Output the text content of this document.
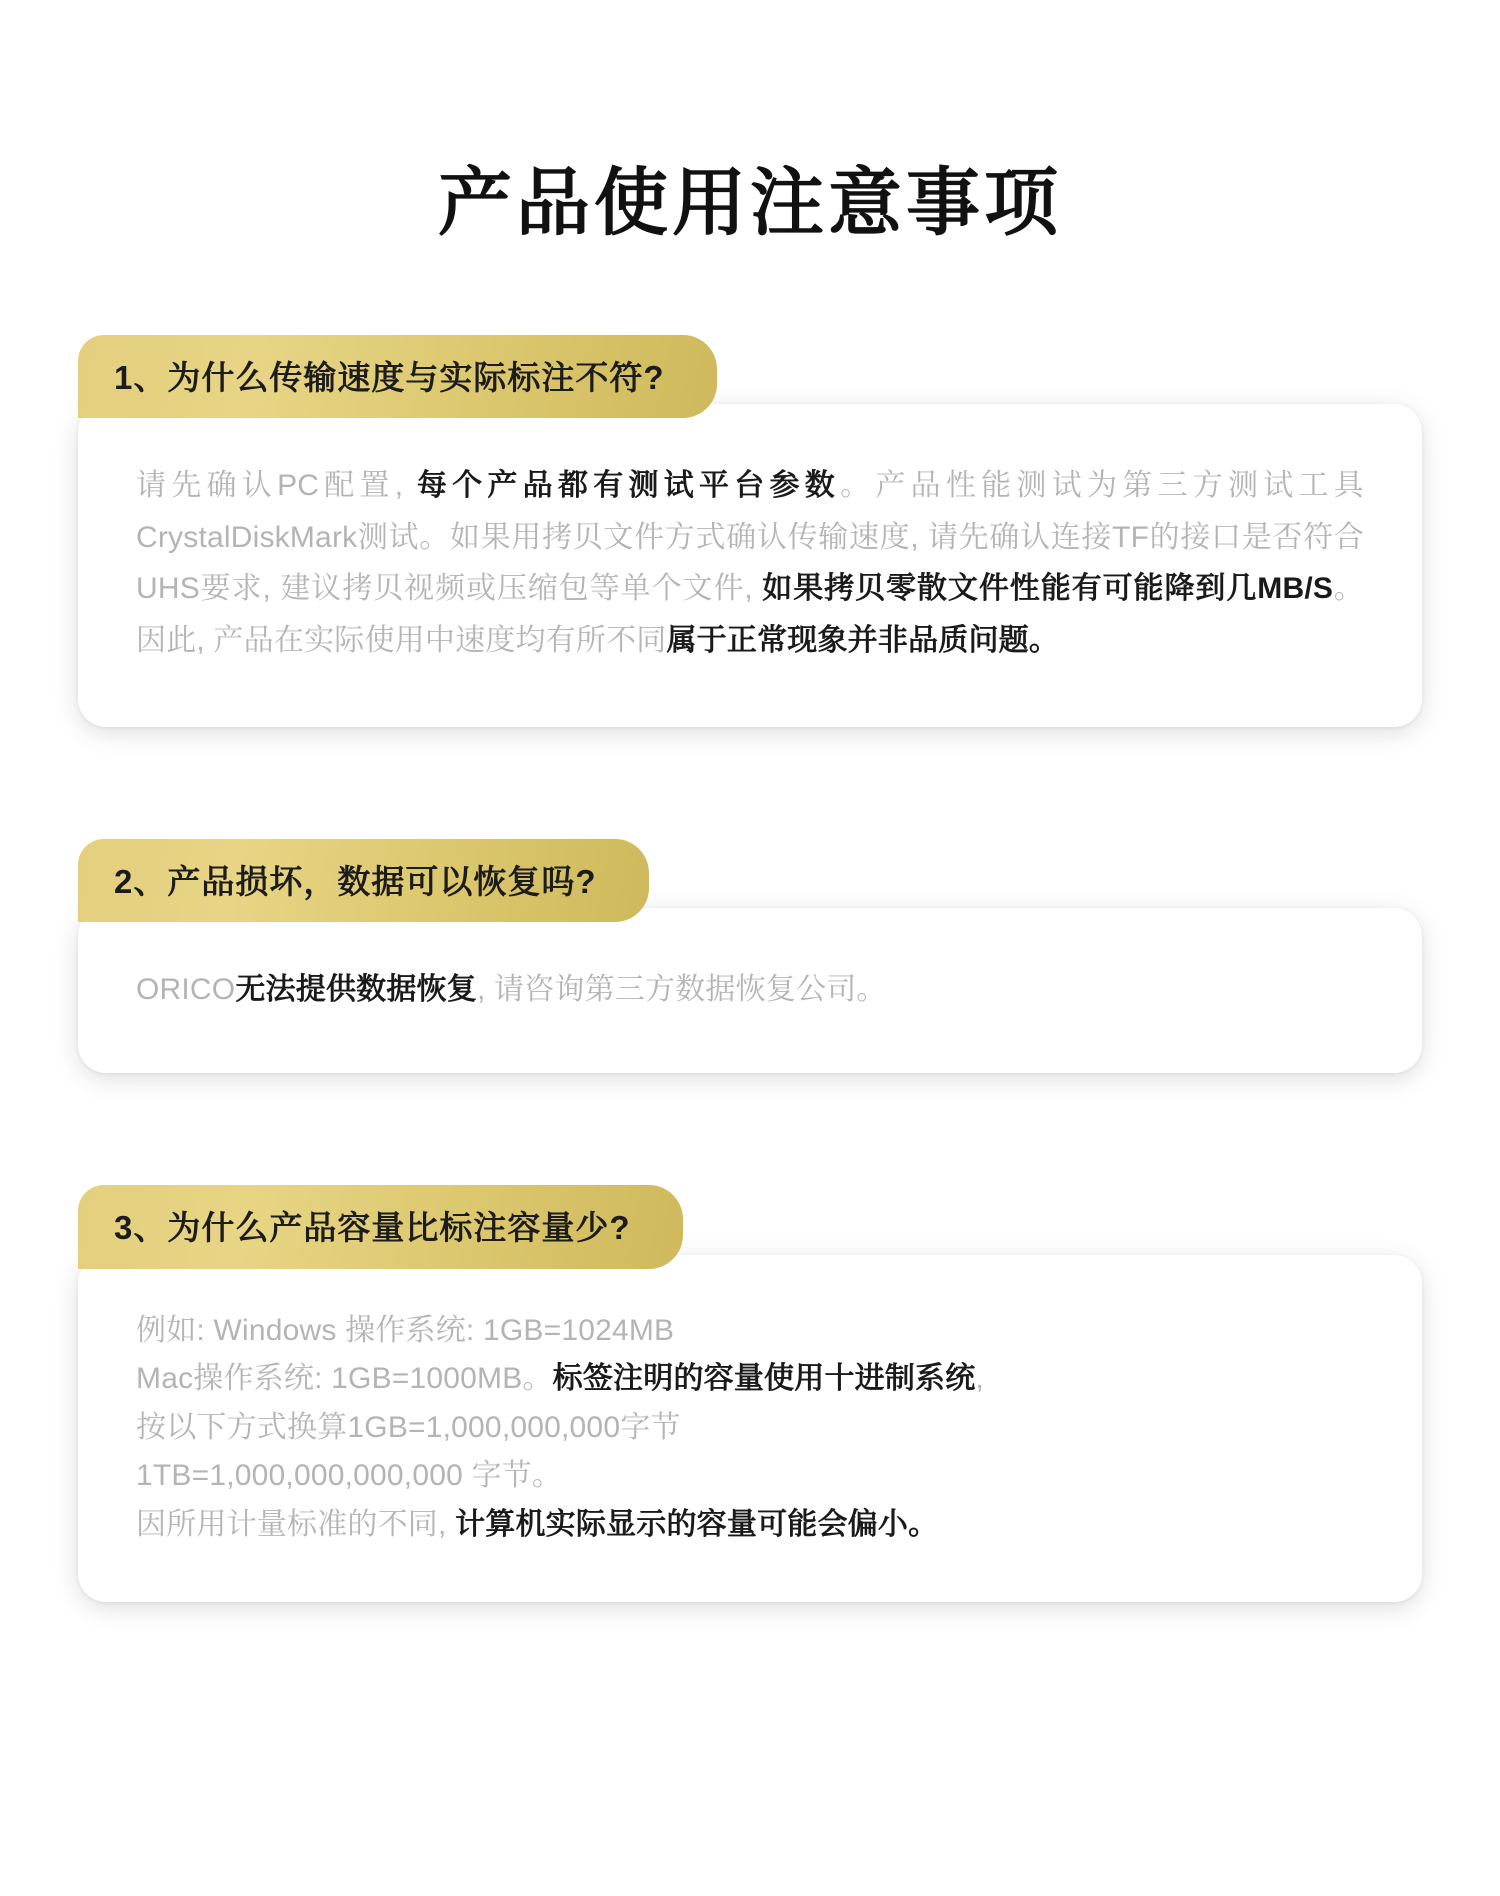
产品使用注意事项
1、为什么传输速度与实际标注不符?

请先确认PC配置, 每个产品都有测试平台参数。产品性能测试为第三方测试工具CrystalDiskMark测试。如果用拷贝文件方式确认传输速度, 请先确认连接TF的接口是否符合UHS要求, 建议拷贝视频或压缩包等单个文件, 如果拷贝零散文件性能有可能降到几MB/S。因此, 产品在实际使用中速度均有所不同属于正常现象并非品质问题。

2、产品损坏，数据可以恢复吗?

ORICO无法提供数据恢复, 请咨询第三方数据恢复公司。

3、为什么产品容量比标注容量少?
例如: Windows 操作系统: 1GB=1024MB
Mac操作系统: 1GB=1000MB。标签注明的容量使用十进制系统,
按以下方式换算1GB=1,000,000,000字节
1TB=1,000,000,000,000 字节。
因所用计量标准的不同, 计算机实际显示的容量可能会偏小。
